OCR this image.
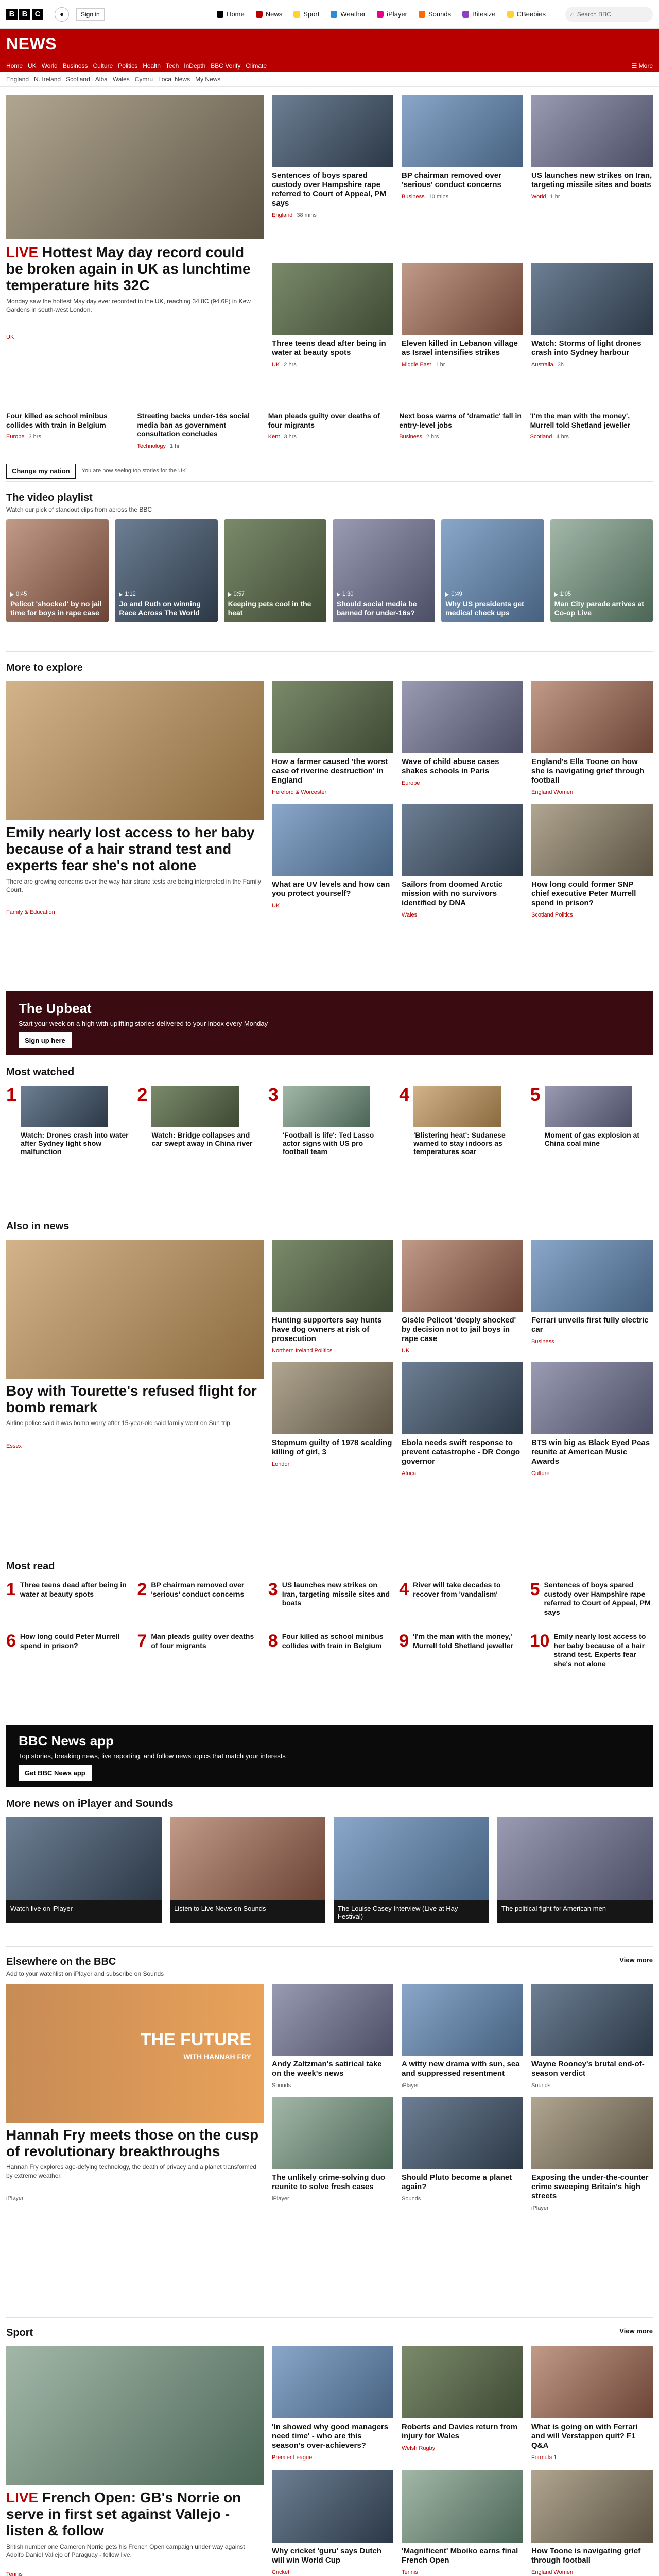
B B C	●	Sign in	Home	News	Sport	Weather	iPlayer	Sounds	Bitesize	CBeebies	⌕ Search BBC
NEWS
Home UK World Business Culture Politics Health Tech InDepth BBC Verify Climate	☰ More
England N. Ireland Scotland Alba Wales Cymru Local News My News
LIVE Hottest May day record could be broken again in UK as lunchtime temperature hits 32C

Monday saw the hottest May day ever recorded in the UK, reaching 34.8C (94.6F) in Kew Gardens in south-west London.

UK
Sentences of boys spared custody over Hampshire rape referred to Court of Appeal, PM says
England 38 mins
BP chairman removed over 'serious' conduct concerns
Business 10 mins
US launches new strikes on Iran, targeting missile sites and boats
World 1 hr
Three teens dead after being in water at beauty spots
UK 2 hrs
Eleven killed in Lebanon village as Israel intensifies strikes
Middle East 1 hr
Watch: Storms of light drones crash into Sydney harbour
Australia 3h
Four killed as school minibus collides with train in Belgium
Europe 3 hrs
Streeting backs under-16s social media ban as government consultation concludes
Technology 1 hr
Man pleads guilty over deaths of four migrants
Kent 3 hrs
Next boss warns of 'dramatic' fall in entry-level jobs
Business 2 hrs
'I'm the man with the money', Murrell told Shetland jeweller
Scotland 4 hrs
Change my nation	You are now seeing top stories for the UK
The video playlist
Watch our pick of standout clips from across the BBC
0:45
Pelicot 'shocked' by no jail time for boys in rape case
1:12
Jo and Ruth on winning Race Across The World
0:57
Keeping pets cool in the heat
1:30
Should social media be banned for under-16s?
0:49
Why US presidents get medical check ups
1:05
Man City parade arrives at Co-op Live
More to explore
Emily nearly lost access to her baby because of a hair strand test and experts fear she's not alone

There are growing concerns over the way hair strand tests are being interpreted in the Family Court.

Family & Education
How a farmer caused 'the worst case of riverine destruction' in England
Hereford & Worcester
Wave of child abuse cases shakes schools in Paris
Europe
England's Ella Toone on how she is navigating grief through football
England Women
What are UV levels and how can you protect yourself?
UK
Sailors from doomed Arctic mission with no survivors identified by DNA
Wales
How long could former SNP chief executive Peter Murrell spend in prison?
Scotland Politics
The Upbeat

Start your week on a high with uplifting stories delivered to your inbox every Monday

Sign up here
Most watched
1
Watch: Drones crash into water after Sydney light show malfunction
2
Watch: Bridge collapses and car swept away in China river
3
'Football is life': Ted Lasso actor signs with US pro football team
4
'Blistering heat': Sudanese warned to stay indoors as temperatures soar
5
Moment of gas explosion at China coal mine
Also in news
Boy with Tourette's refused flight for bomb remark

Airline police said it was bomb worry after 15-year-old said family went on Sun trip.

Essex
Hunting supporters say hunts have dog owners at risk of prosecution
Northern Ireland Politics
Gisèle Pelicot 'deeply shocked' by decision not to jail boys in rape case
UK
Ferrari unveils first fully electric car
Business
Stepmum guilty of 1978 scalding killing of girl, 3
London
Ebola needs swift response to prevent catastrophe - DR Congo governor
Africa
BTS win big as Black Eyed Peas reunite at American Music Awards
Culture
Most read
1 Three teens dead after being in water at beauty spots	2 BP chairman removed over 'serious' conduct concerns	3 US launches new strikes on Iran, targeting missile sites and boats
4 River will take decades to recover from 'vandalism'	5 Sentences of boys spared custody over Hampshire rape referred to Court of Appeal, PM says
6 How long could Peter Murrell spend in prison?	7 Man pleads guilty over deaths of four migrants	8 Four killed as school minibus collides with train in Belgium 9 'I'm the man with the money,' Murrell told Shetland jeweller 10 Emily nearly lost access to her baby because of a hair strand test. Experts fear she's not alone
BBC News app

Top stories, breaking news, live reporting, and follow news topics that match your interests

Get BBC News app
More news on iPlayer and Sounds
Watch live on iPlayer	Listen to Live News on Sounds	The Louise Casey Interview (Live at Hay Festival)
The political fight for American men
View more
Elsewhere on the BBC
Add to your watchlist on iPlayer and subscribe on Sounds
THE FUTURE
WITH HANNAH FRY
Hannah Fry meets those on the cusp of revolutionary breakthroughs

Hannah Fry explores age-defying technology, the death of privacy and a planet transformed by extreme weather.

iPlayer
Andy Zaltzman's satirical take on the week's news
Sounds
A witty new drama with sun, sea and suppressed resentment
iPlayer
Wayne Rooney's brutal end-of-season verdict
Sounds
The unlikely crime-solving duo reunite to solve fresh cases
iPlayer
Should Pluto become a planet again?
Sounds
Exposing the under-the-counter crime sweeping Britain's high streets
iPlayer
View more
Sport
LIVE French Open: GB's Norrie on serve in first set against Vallejo - listen & follow

British number one Cameron Norrie gets his French Open campaign under way against Adolfo Daniel Vallejo of Paraguay - follow live.

Tennis
'In showed why good managers need time' - who are this season's over-achievers?
Premier League
Roberts and Davies return from injury for Wales
Welsh Rugby
What is going on with Ferrari and will Verstappen quit? F1 Q&A
Formula 1
Why cricket 'guru' says Dutch will win World Cup
Cricket
'Magnificent' Mboiko earns final French Open
Tennis
How Toone is navigating grief through football
England Women
